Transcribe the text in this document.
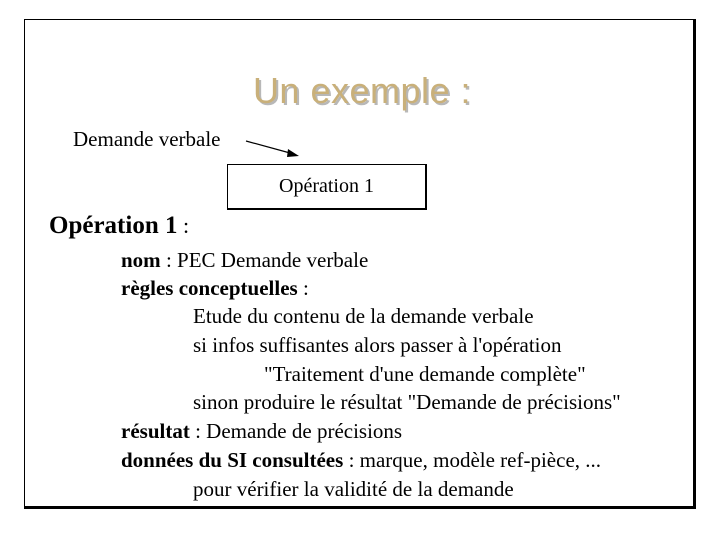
Un exemple :
Demande verbale
Opération 1
Opération 1 :
nom : PEC Demande verbale
règles conceptuelles :
Etude du contenu de la demande verbale
si infos suffisantes alors passer à l'opération
"Traitement d'une demande complète"
sinon produire le résultat "Demande de précisions"
résultat : Demande de précisions
données du SI consultées : marque, modèle ref-pièce, ...
pour vérifier la validité de la demande
